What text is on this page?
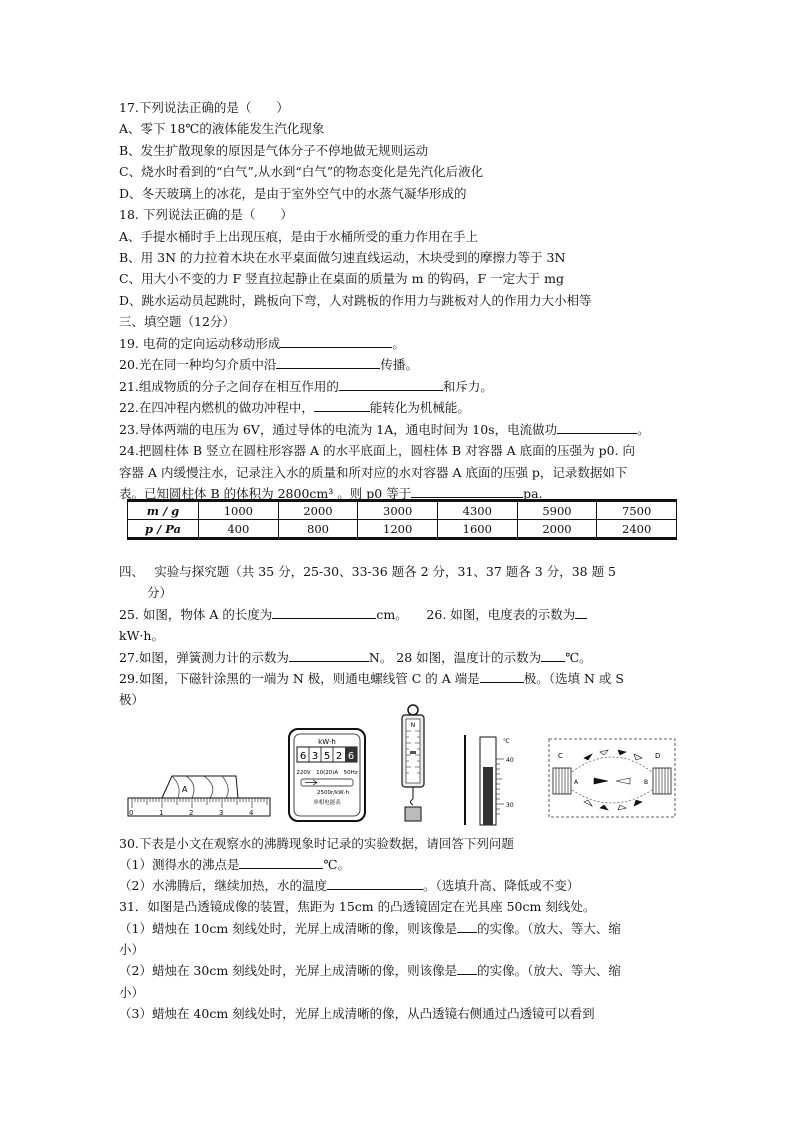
17.下列说法正确的是（　　）
A、零下 18℃的液体能发生汽化现象
B、发生扩散现象的原因是气体分子不停地做无规则运动
C、烧水时看到的“白气”,从水到“白气”的物态变化是先汽化后液化
D、冬天玻璃上的冰花，是由于室外空气中的水蒸气凝华形成的
18. 下列说法正确的是（　　）
A、手提水桶时手上出现压痕，是由于水桶所受的重力作用在手上
B、用 3N 的力拉着木块在水平桌面做匀速直线运动，木块受到的摩擦力等于 3N
C、用大小不变的力 F 竖直拉起静止在桌面的质量为 m 的钩码，F 一定大于 mg
D、跳水运动员起跳时，跳板向下弯，人对跳板的作用力与跳板对人的作用力大小相等
三、填空题（12分）
19. 电荷的定向运动移动形成	。
20.光在同一种均匀介质中沿	传播。
21.组成物质的分子之间存在相互作用的	和斥力。
22.在四冲程内燃机的做功冲程中，	能转化为机械能。
23.导体两端的电压为 6V，通过导体的电流为 1A，通电时间为 10s，电流做功	。
24.把圆柱体 B 竖立在圆柱形容器 A 的水平底面上，圆柱体 B 对容器 A 底面的压强为 p0. 向
容器 A 内缓慢注水，记录注入水的质量和所对应的水对容器 A 底面的压强 p，记录数据如下
表。已知圆柱体 B 的体积为 2800cm³ 。则 p0 等于	pa.
m / g	1000	2000	3000	4300	5900	7500
p / Pa	400	800	1200	1600	2000	2400
四、　 实验与探究题（共 35 分，25-30、33-36 题各 2 分，31、37 题各 3 分，38 题 5
分）
25. 如图，物体 A 的长度为	cm。　　26. 如图，电度表的示数为
kW·h。
27.如图，弹簧测力计的示数为	N。 28 如图，温度计的示数为 ℃。
29.如图，下磁针涂黑的一端为 N 极，则通电螺线管 C 的 A 端是	极。（选填 N 或 S
极）
A
0	1	2	3	4
kW·h
6 3 5 2 6
220V　10(20)A　50Hz
2500r/kW·h
单相电能表
N
℃
40
30
C	D
A	B
30.下表是小文在观察水的沸腾现象时记录的实验数据，请回答下列问题
（1）测得水的沸点是	℃。
（2）水沸腾后，继续加热，水的温度	。（选填升高、降低或不变）
31．如图是凸透镜成像的装置，焦距为 15cm 的凸透镜固定在光具座 50cm 刻线处。
（1）蜡烛在 10cm 刻线处时，光屏上成清晰的像，则该像是 的实像。（放大、等大、缩
小）
（2）蜡烛在 30cm 刻线处时，光屏上成清晰的像，则该像是 的实像。（放大、等大、缩
小）
（3）蜡烛在 40cm 刻线处时，光屏上成清晰的像，从凸透镜右侧通过凸透镜可以看到
